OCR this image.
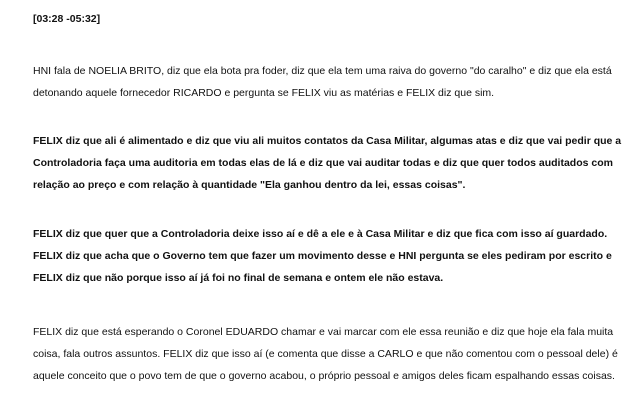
[03:28 -05:32]

HNI fala de NOELIA BRITO, diz que ela bota pra foder, diz que ela tem uma raiva do governo "do caralho" e diz que ela está
detonando aquele fornecedor RICARDO e pergunta se FELIX viu as matérias e FELIX diz que sim.
FELIX diz que ali é alimentado e diz que viu ali muitos contatos da Casa Militar, algumas atas e diz que vai pedir que a
Controladoria faça uma auditoria em todas elas de lá e diz que vai auditar todas e diz que quer todos auditados com
relação ao preço e com relação à quantidade "Ela ganhou dentro da lei, essas coisas".
FELIX diz que quer que a Controladoria deixe isso aí e dê a ele e à Casa Militar e diz que fica com isso aí guardado.
FELIX diz que acha que o Governo tem que fazer um movimento desse e HNI pergunta se eles pediram por escrito e
FELIX diz que não porque isso aí já foi no final de semana e ontem ele não estava.
FELIX diz que está esperando o Coronel EDUARDO chamar e vai marcar com ele essa reunião e diz que hoje ela fala muita
coisa, fala outros assuntos. FELIX diz que isso aí (e comenta que disse a CARLO e que não comentou com o pessoal dele) é
aquele conceito que o povo tem de que o governo acabou, o próprio pessoal e amigos deles ficam espalhando essas coisas.
